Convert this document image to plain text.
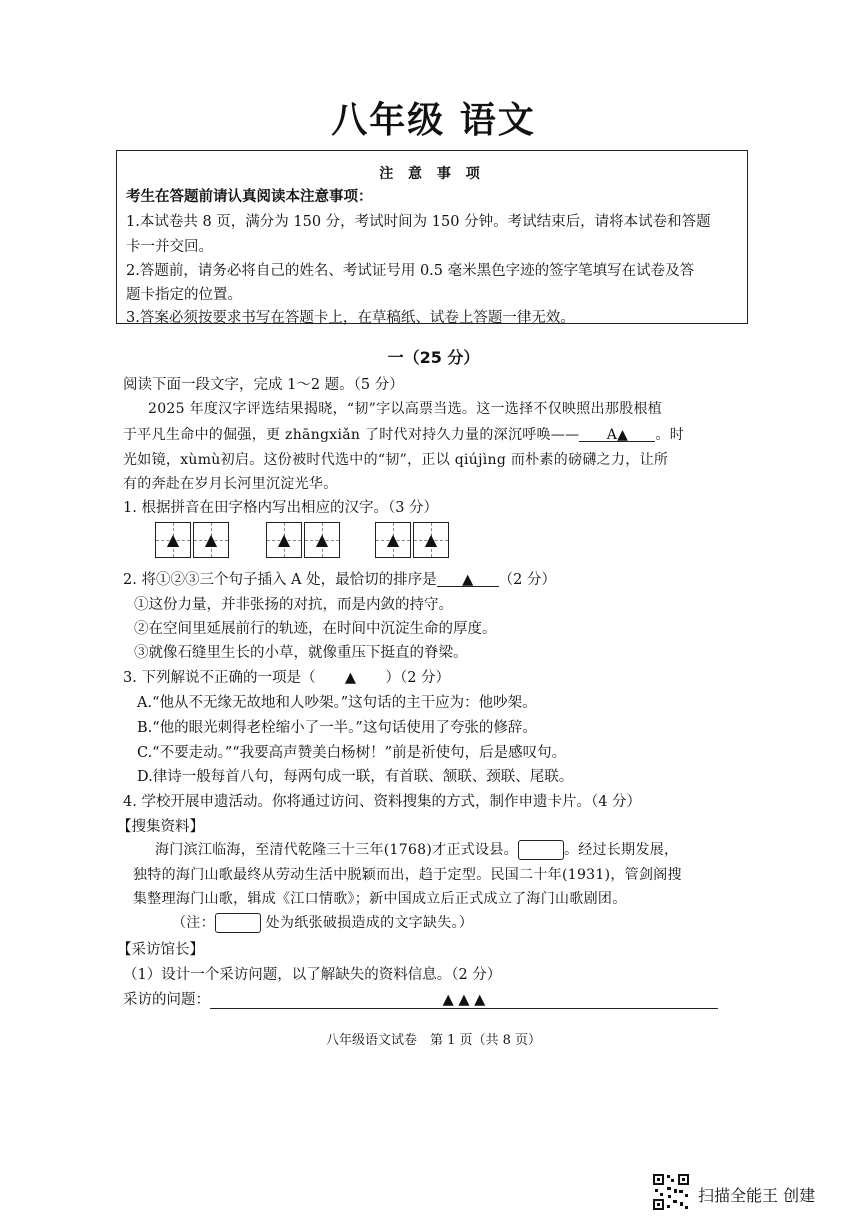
八年级 语文
注 意 事 项
考生在答题前请认真阅读本注意事项：
1.本试卷共 8 页，满分为 150 分，考试时间为 150 分钟。考试结束后，请将本试卷和答题
卡一并交回。
2.答题前，请务必将自己的姓名、考试证号用 0.5 毫米黑色字迹的签字笔填写在试卷及答
题卡指定的位置。
3.答案必须按要求书写在答题卡上，在草稿纸、试卷上答题一律无效。
一（25 分）
阅读下面一段文字，完成 1～2 题。（5 分）
2025 年度汉字评选结果揭晓，“韧”字以高票当选。这一选择不仅映照出那股根植
于平凡生命中的倔强，更 zhāngxiǎn 了时代对持久力量的深沉呼唤—— A▲ 。时
光如镜，xùmù初启。这份被时代选中的“韧”，正以 qiújìng 而朴素的磅礴之力，让所
有的奔赴在岁月长河里沉淀光华。
1. 根据拼音在田字格内写出相应的汉字。（3 分）
▲	▲	▲	▲	▲	▲
2. 将①②③三个句子插入 A 处，最恰切的排序是 ▲ （2 分）
①这份力量，并非张扬的对抗，而是内敛的持守。
②在空间里延展前行的轨迹，在时间中沉淀生命的厚度。
③就像石缝里生长的小草，就像重压下挺直的脊梁。
3. 下列解说不正确的一项是（ ▲ ）（2 分）
A.“他从不无缘无故地和人吵架。”这句话的主干应为：他吵架。
B.“他的眼光刺得老栓缩小了一半。”这句话使用了夸张的修辞。
C.“不要走动。”“我要高声赞美白杨树！”前是祈使句，后是感叹句。
D.律诗一般每首八句，每两句成一联，有首联、颔联、颈联、尾联。
4. 学校开展申遗活动。你将通过访问、资料搜集的方式，制作申遗卡片。（4 分）
【搜集资料】
海门滨江临海，至清代乾隆三十三年(1768)才正式设县。	。经过长期发展，
独特的海门山歌最终从劳动生活中脱颖而出，趋于定型。民国二十年(1931)，管剑阁搜
集整理海门山歌，辑成《江口情歌》；新中国成立后正式成立了海门山歌剧团。
（注：	处为纸张破损造成的文字缺失。）
【采访馆长】
（1）设计一个采访问题，以了解缺失的资料信息。（2 分）
采访的问题：	▲ ▲ ▲
八年级语文试卷　第 1 页（共 8 页）
扫描全能王 创建
